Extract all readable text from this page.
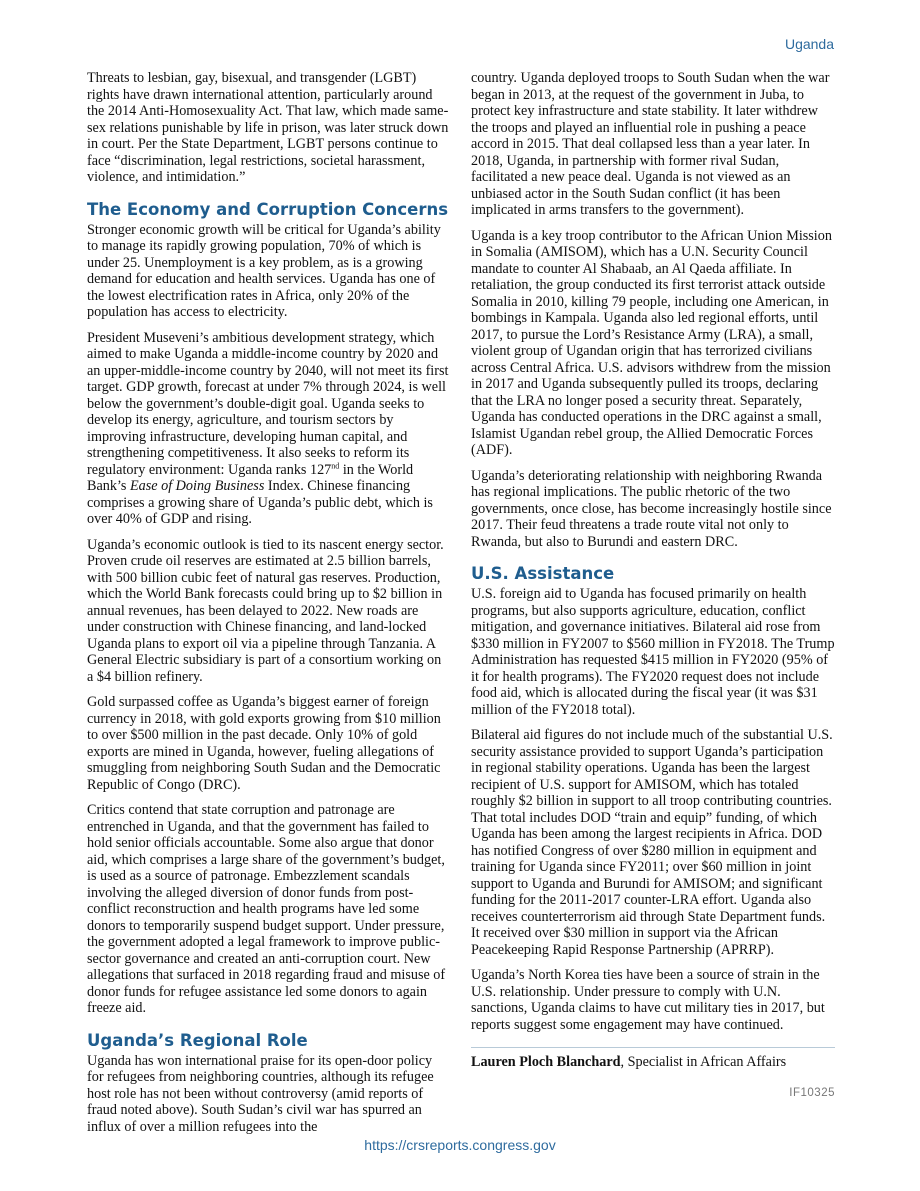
Uganda

Threats to lesbian, gay, bisexual, and transgender (LGBT) rights have drawn international attention, particularly around the 2014 Anti-Homosexuality Act. That law, which made same-sex relations punishable by life in prison, was later struck down in court. Per the State Department, LGBT persons continue to face “discrimination, legal restrictions, societal harassment, violence, and intimidation.”

The Economy and Corruption Concerns

Stronger economic growth will be critical for Uganda’s ability to manage its rapidly growing population, 70% of which is under 25. Unemployment is a key problem, as is a growing demand for education and health services. Uganda has one of the lowest electrification rates in Africa, only 20% of the population has access to electricity.

President Museveni’s ambitious development strategy, which aimed to make Uganda a middle-income country by 2020 and an upper-middle-income country by 2040, will not meet its first target. GDP growth, forecast at under 7% through 2024, is well below the government’s double-digit goal. Uganda seeks to develop its energy, agriculture, and tourism sectors by improving infrastructure, developing human capital, and strengthening competitiveness. It also seeks to reform its regulatory environment: Uganda ranks 127nd in the World Bank’s Ease of Doing Business Index. Chinese financing comprises a growing share of Uganda’s public debt, which is over 40% of GDP and rising.

Uganda’s economic outlook is tied to its nascent energy sector. Proven crude oil reserves are estimated at 2.5 billion barrels, with 500 billion cubic feet of natural gas reserves. Production, which the World Bank forecasts could bring up to $2 billion in annual revenues, has been delayed to 2022. New roads are under construction with Chinese financing, and land-locked Uganda plans to export oil via a pipeline through Tanzania. A General Electric subsidiary is part of a consortium working on a $4 billion refinery.

Gold surpassed coffee as Uganda’s biggest earner of foreign currency in 2018, with gold exports growing from $10 million to over $500 million in the past decade. Only 10% of gold exports are mined in Uganda, however, fueling allegations of smuggling from neighboring South Sudan and the Democratic Republic of Congo (DRC).

Critics contend that state corruption and patronage are entrenched in Uganda, and that the government has failed to hold senior officials accountable. Some also argue that donor aid, which comprises a large share of the government’s budget, is used as a source of patronage. Embezzlement scandals involving the alleged diversion of donor funds from post-conflict reconstruction and health programs have led some donors to temporarily suspend budget support. Under pressure, the government adopted a legal framework to improve public-sector governance and created an anti-corruption court. New allegations that surfaced in 2018 regarding fraud and misuse of donor funds for refugee assistance led some donors to again freeze aid.

Uganda’s Regional Role

Uganda has won international praise for its open-door policy for refugees from neighboring countries, although its refugee host role has not been without controversy (amid reports of fraud noted above). South Sudan’s civil war has spurred an influx of over a million refugees into the

country. Uganda deployed troops to South Sudan when the war began in 2013, at the request of the government in Juba, to protect key infrastructure and state stability. It later withdrew the troops and played an influential role in pushing a peace accord in 2015. That deal collapsed less than a year later. In 2018, Uganda, in partnership with former rival Sudan, facilitated a new peace deal. Uganda is not viewed as an unbiased actor in the South Sudan conflict (it has been implicated in arms transfers to the government).

Uganda is a key troop contributor to the African Union Mission in Somalia (AMISOM), which has a U.N. Security Council mandate to counter Al Shabaab, an Al Qaeda affiliate. In retaliation, the group conducted its first terrorist attack outside Somalia in 2010, killing 79 people, including one American, in bombings in Kampala. Uganda also led regional efforts, until 2017, to pursue the Lord’s Resistance Army (LRA), a small, violent group of Ugandan origin that has terrorized civilians across Central Africa. U.S. advisors withdrew from the mission in 2017 and Uganda subsequently pulled its troops, declaring that the LRA no longer posed a security threat. Separately, Uganda has conducted operations in the DRC against a small, Islamist Ugandan rebel group, the Allied Democratic Forces (ADF).

Uganda’s deteriorating relationship with neighboring Rwanda has regional implications. The public rhetoric of the two governments, once close, has become increasingly hostile since 2017. Their feud threatens a trade route vital not only to Rwanda, but also to Burundi and eastern DRC.

U.S. Assistance

U.S. foreign aid to Uganda has focused primarily on health programs, but also supports agriculture, education, conflict mitigation, and governance initiatives. Bilateral aid rose from $330 million in FY2007 to $560 million in FY2018. The Trump Administration has requested $415 million in FY2020 (95% of it for health programs). The FY2020 request does not include food aid, which is allocated during the fiscal year (it was $31 million of the FY2018 total).

Bilateral aid figures do not include much of the substantial U.S. security assistance provided to support Uganda’s participation in regional stability operations. Uganda has been the largest recipient of U.S. support for AMISOM, which has totaled roughly $2 billion in support to all troop contributing countries. That total includes DOD “train and equip” funding, of which Uganda has been among the largest recipients in Africa. DOD has notified Congress of over $280 million in equipment and training for Uganda since FY2011; over $60 million in joint support to Uganda and Burundi for AMISOM; and significant funding for the 2011-2017 counter-LRA effort. Uganda also receives counterterrorism aid through State Department funds. It received over $30 million in support via the African Peacekeeping Rapid Response Partnership (APRRP).

Uganda’s North Korea ties have been a source of strain in the U.S. relationship. Under pressure to comply with U.N. sanctions, Uganda claims to have cut military ties in 2017, but reports suggest some engagement may have continued.

Lauren Ploch Blanchard, Specialist in African Affairs
IF10325
https://crsreports.congress.gov
